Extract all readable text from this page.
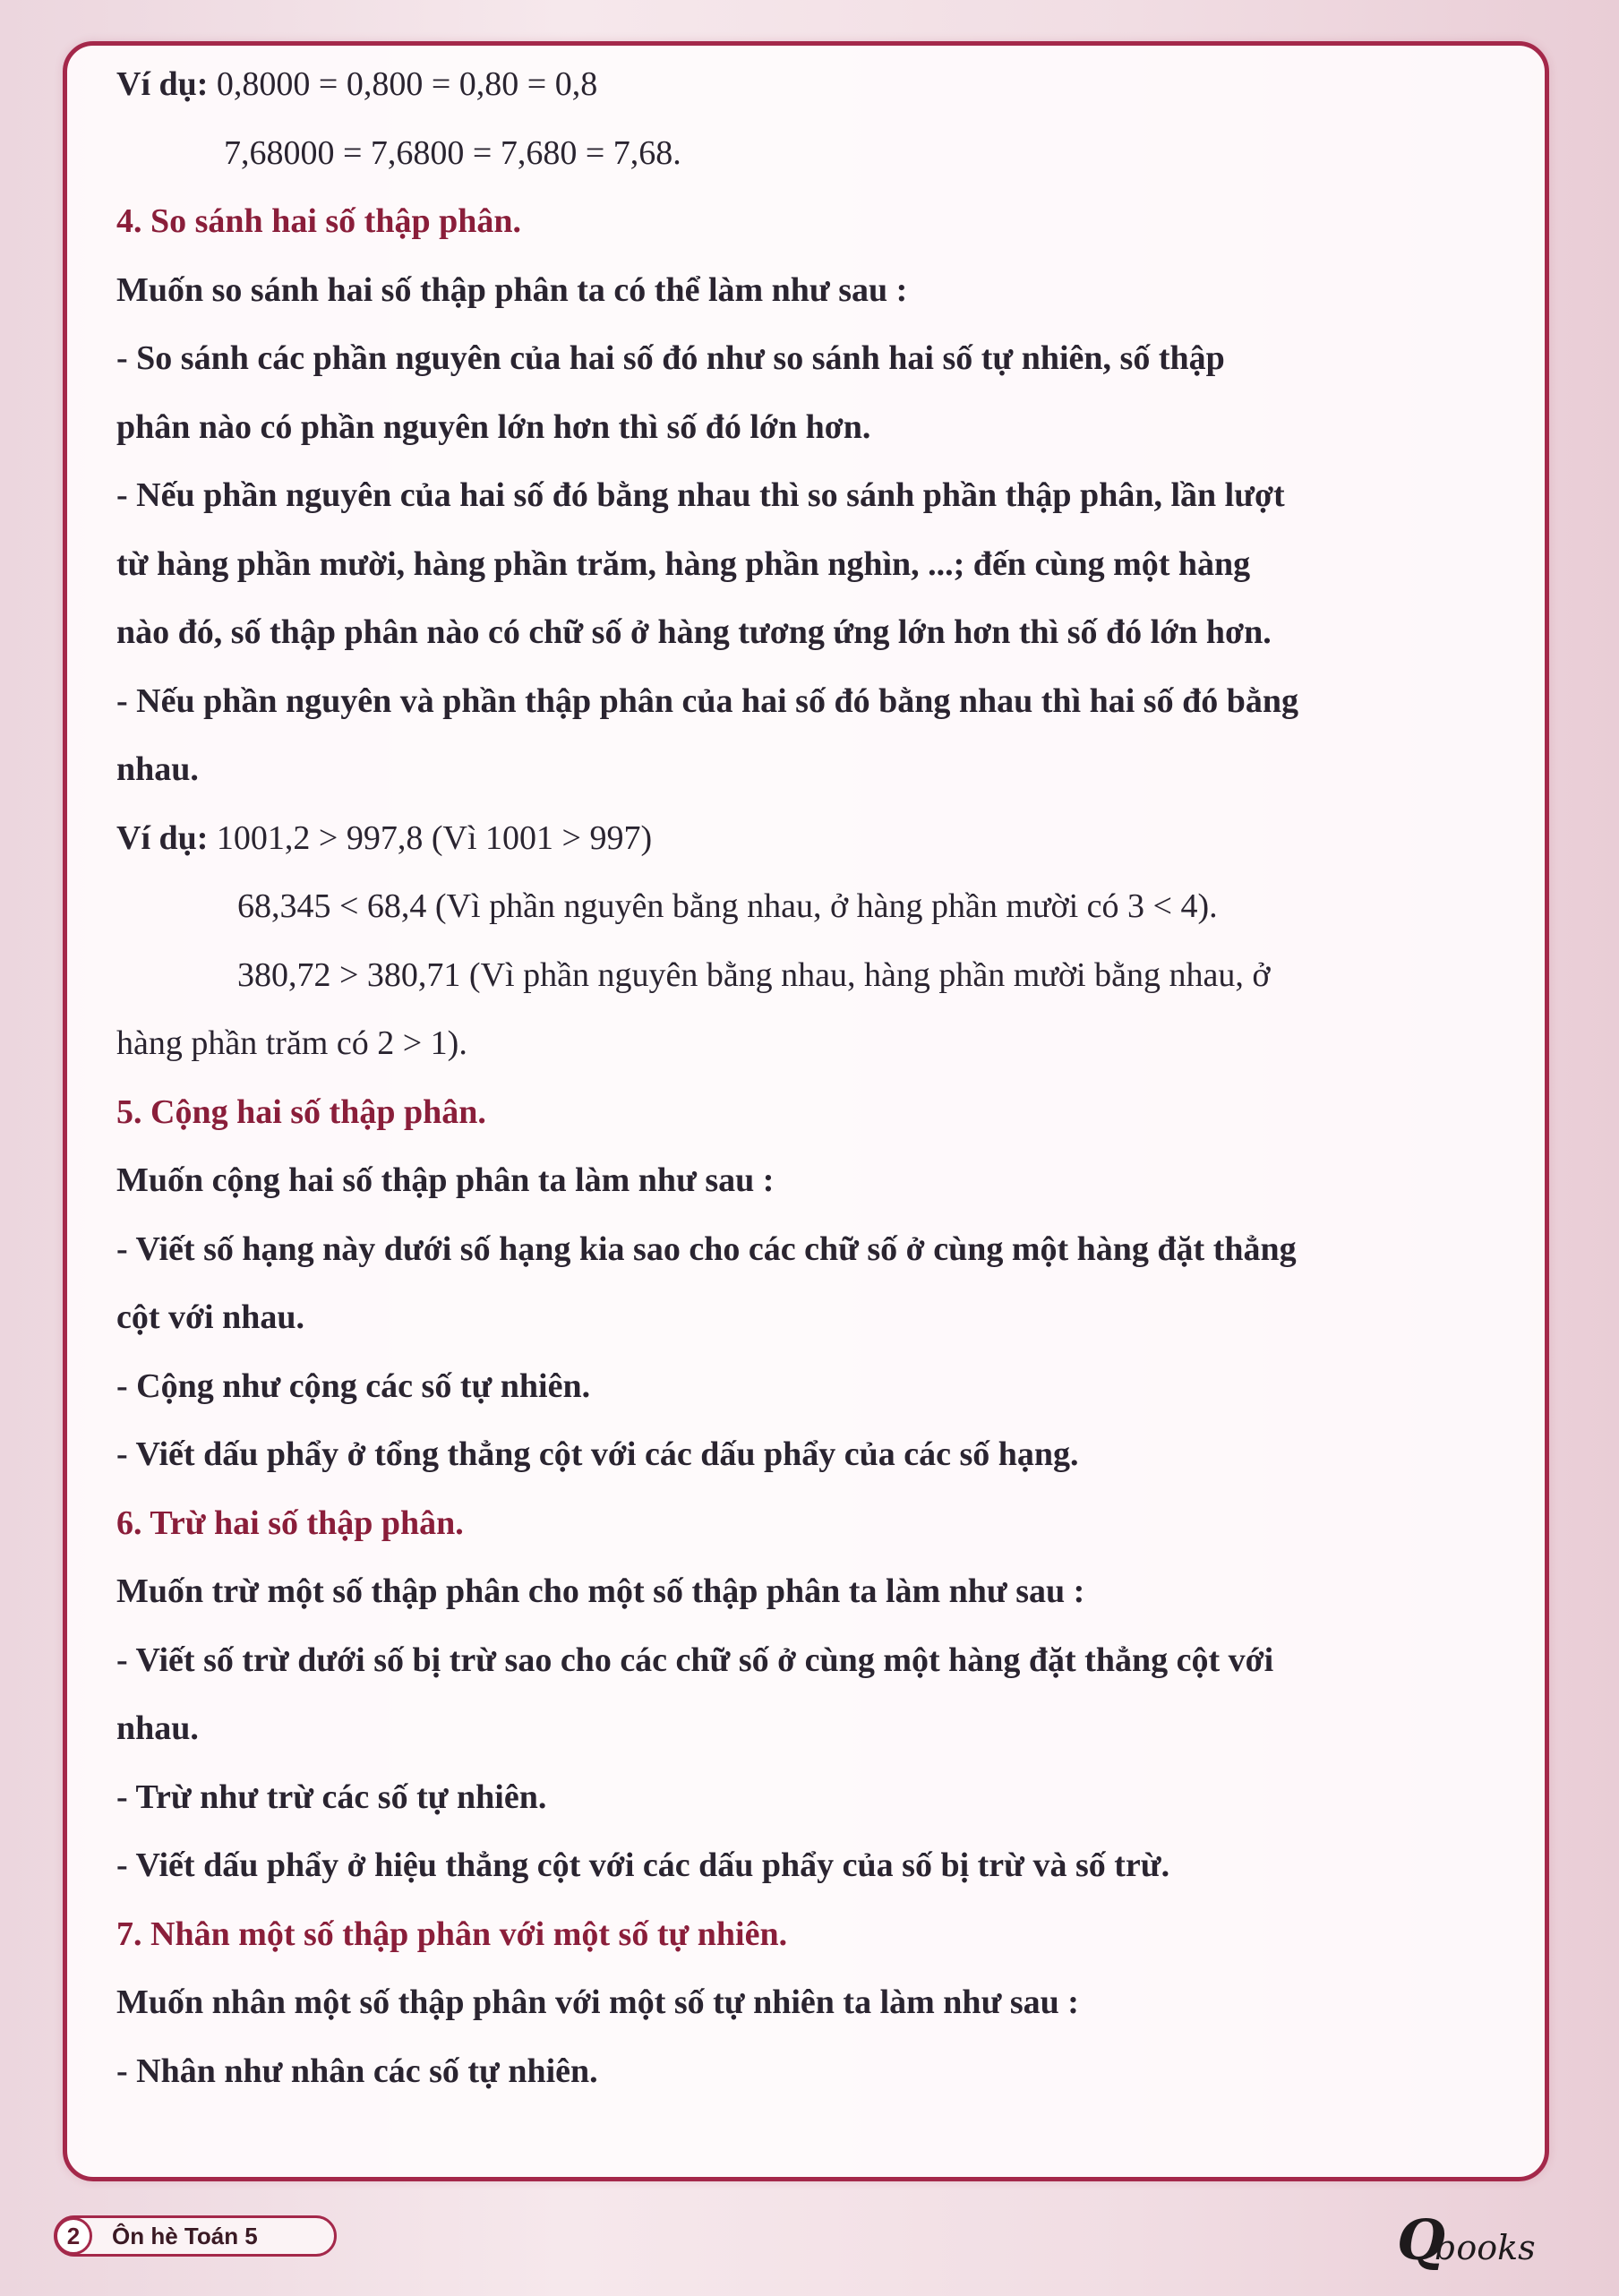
Ví dụ: 0,8000 = 0,800 = 0,80 = 0,8
7,68000 = 7,6800 = 7,680 = 7,68.
4. So sánh hai số thập phân.
Muốn so sánh hai số thập phân ta có thể làm như sau :
- So sánh các phần nguyên của hai số đó như so sánh hai số tự nhiên, số thập
phân nào có phần nguyên lớn hơn thì số đó lớn hơn.
- Nếu phần nguyên của hai số đó bằng nhau thì so sánh phần thập phân, lần lượt
từ hàng phần mười, hàng phần trăm, hàng phần nghìn, ...; đến cùng một hàng
nào đó, số thập phân nào có chữ số ở hàng tương ứng lớn hơn thì số đó lớn hơn.
- Nếu phần nguyên và phần thập phân của hai số đó bằng nhau thì hai số đó bằng
nhau.
Ví dụ: 1001,2 > 997,8 (Vì 1001 > 997)
68,345 < 68,4 (Vì phần nguyên bằng nhau, ở hàng phần mười có 3 < 4).
380,72 > 380,71 (Vì phần nguyên bằng nhau, hàng phần mười bằng nhau, ở
hàng phần trăm có 2 > 1).
5. Cộng hai số thập phân.
Muốn cộng hai số thập phân ta làm như sau :
- Viết số hạng này dưới số hạng kia sao cho các chữ số ở cùng một hàng đặt thẳng
cột với nhau.
- Cộng như cộng các số tự nhiên.
- Viết dấu phẩy ở tổng thẳng cột với các dấu phẩy của các số hạng.
6. Trừ hai số thập phân.
Muốn trừ một số thập phân cho một số thập phân ta làm như sau :
- Viết số trừ dưới số bị trừ sao cho các chữ số ở cùng một hàng đặt thẳng cột với
nhau.
- Trừ như trừ các số tự nhiên.
- Viết dấu phẩy ở hiệu thẳng cột với các dấu phẩy của số bị trừ và số trừ.
7. Nhân một số thập phân với một số tự nhiên.
Muốn nhân một số thập phân với một số tự nhiên ta làm như sau :
- Nhân như nhân các số tự nhiên.
2	Ôn hè Toán 5	Q
books
